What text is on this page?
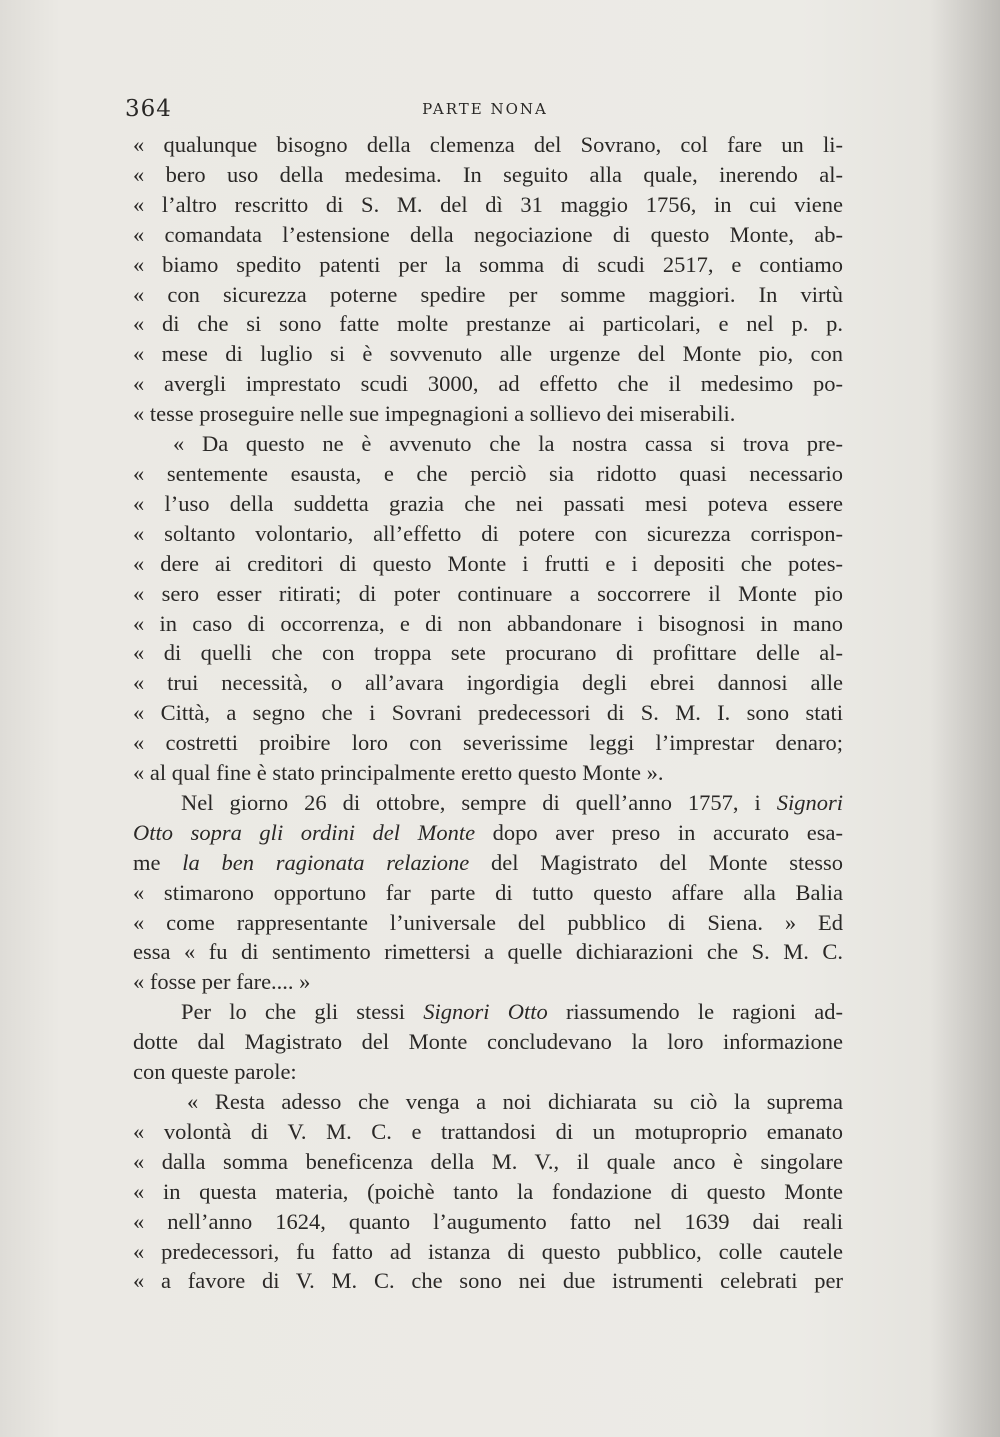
364	PARTE NONA
« qualunque bisogno della clemenza del Sovrano, col fare un li-
« bero uso della medesima. In seguito alla quale, inerendo al-
« l’altro rescritto di S. M. del dì 31 maggio 1756, in cui viene
« comandata l’estensione della negociazione di questo Monte, ab-
« biamo spedito patenti per la somma di scudi 2517, e contiamo
« con sicurezza poterne spedire per somme maggiori. In virtù
« di che si sono fatte molte prestanze ai particolari, e nel p. p.
« mese di luglio si è sovvenuto alle urgenze del Monte pio, con
« avergli imprestato scudi 3000, ad effetto che il medesimo po-
« tesse proseguire nelle sue impegnagioni a sollievo dei miserabili.
« Da questo ne è avvenuto che la nostra cassa si trova pre-
« sentemente esausta, e che perciò sia ridotto quasi necessario
« l’uso della suddetta grazia che nei passati mesi poteva essere
« soltanto volontario, all’effetto di potere con sicurezza corrispon-
« dere ai creditori di questo Monte i frutti e i depositi che potes-
« sero esser ritirati; di poter continuare a soccorrere il Monte pio
« in caso di occorrenza, e di non abbandonare i bisognosi in mano
« di quelli che con troppa sete procurano di profittare delle al-
« trui necessità, o all’avara ingordigia degli ebrei dannosi alle
« Città, a segno che i Sovrani predecessori di S. M. I. sono stati
« costretti proibire loro con severissime leggi l’imprestar denaro;
« al qual fine è stato principalmente eretto questo Monte ».
Nel giorno 26 di ottobre, sempre di quell’anno 1757, i Signori
Otto sopra gli ordini del Monte dopo aver preso in accurato esa-
me la ben ragionata relazione del Magistrato del Monte stesso
« stimarono opportuno far parte di tutto questo affare alla Balia
« come rappresentante l’universale del pubblico di Siena. » Ed
essa « fu di sentimento rimettersi a quelle dichiarazioni che S. M. C.
« fosse per fare.... »
Per lo che gli stessi Signori Otto riassumendo le ragioni ad-
dotte dal Magistrato del Monte concludevano la loro informazione
con queste parole:
« Resta adesso che venga a noi dichiarata su ciò la suprema
« volontà di V. M. C. e trattandosi di un motuproprio emanato
« dalla somma beneficenza della M. V., il quale anco è singolare
« in questa materia, (poichè tanto la fondazione di questo Monte
« nell’anno 1624, quanto l’augumento fatto nel 1639 dai reali
« predecessori, fu fatto ad istanza di questo pubblico, colle cautele
« a favore di V. M. C. che sono nei due istrumenti celebrati per
